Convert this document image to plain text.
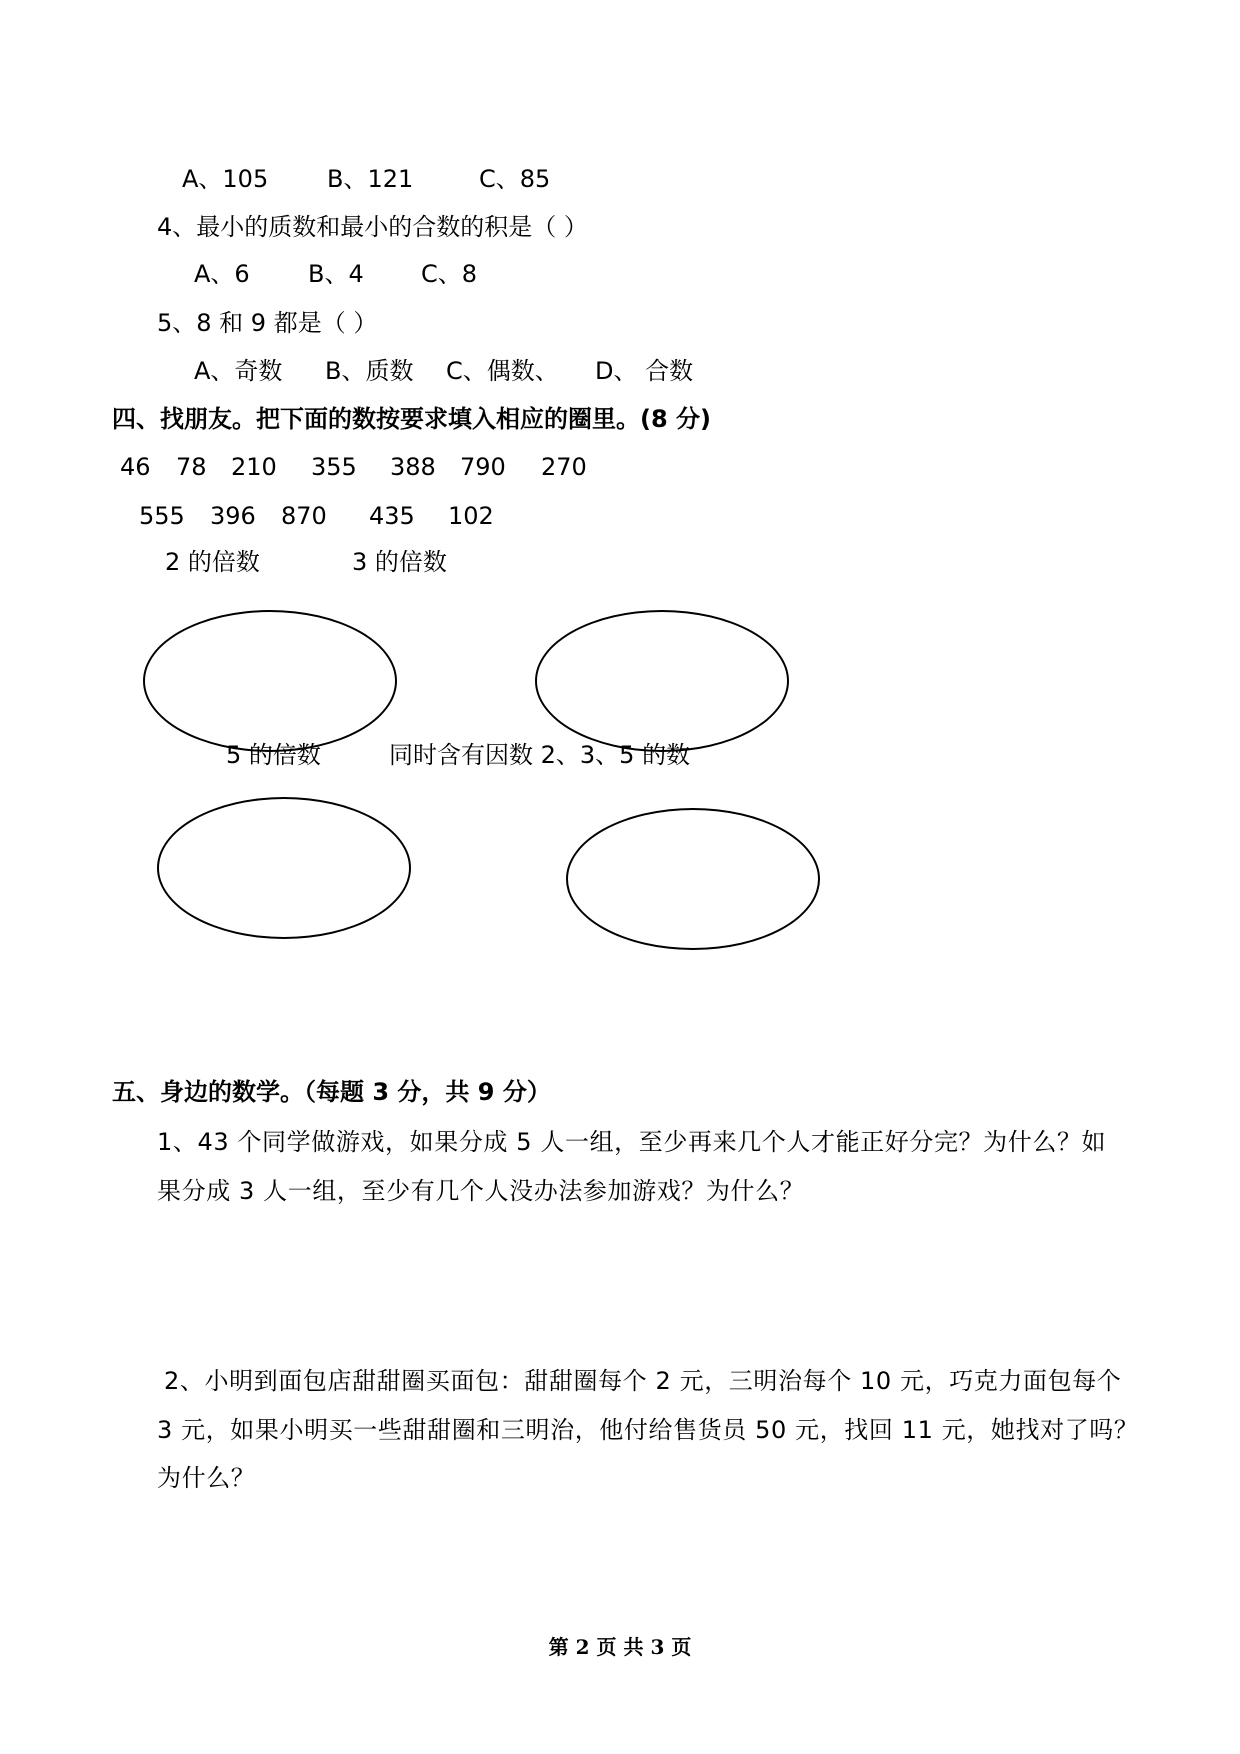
A、105 B、121	C、85
4、最小的质数和最小的合数的积是（ ）
A、6 B、4 C、8
5、8 和 9 都是（ ）
A、奇数 B、质数 C、偶数、 D、 合数
四、找朋友。把下面的数按要求填入相应的圈里。(8 分)
46 78 210 355 388 790 270
555 396 870 435 102
2 的倍数	3 的倍数
5 的倍数	同时含有因数 2、3、5 的数
五、身边的数学。（每题 3 分，共 9 分）
1、43 个同学做游戏，如果分成 5 人一组，至少再来几个人才能正好分完？为什么？如
果分成 3 人一组，至少有几个人没办法参加游戏？为什么？
2、小明到面包店甜甜圈买面包：甜甜圈每个 2 元，三明治每个 10 元，巧克力面包每个
3 元，如果小明买一些甜甜圈和三明治，他付给售货员 50 元，找回 11 元，她找对了吗？
为什么？
第 2 页 共 3 页
